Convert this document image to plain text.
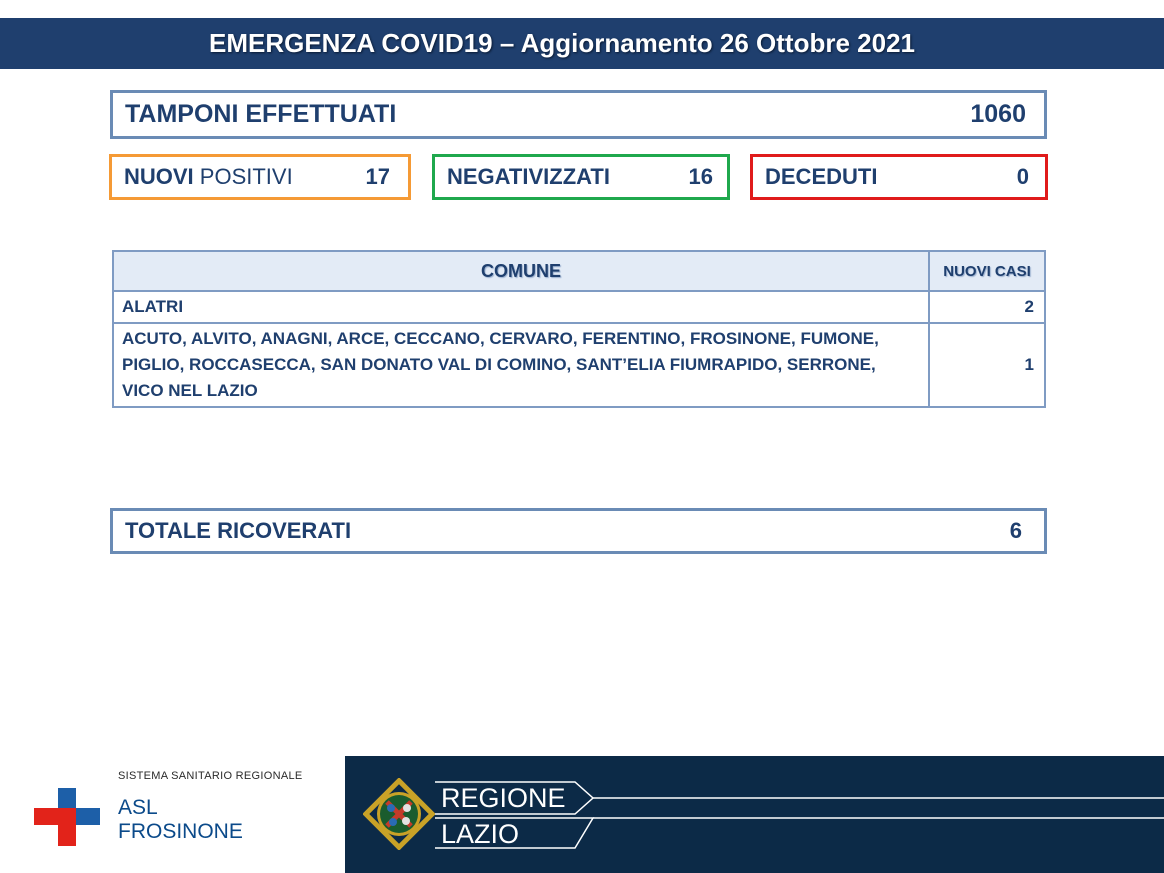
EMERGENZA COVID19 – Aggiornamento 26 Ottobre 2021
TAMPONI EFFETTUATI	1060
NUOVI POSITIVI	17	NEGATIVIZZATI	16 DECEDUTI	0
COMUNE	NUOVI CASI
ALATRI	2
ACUTO, ALVITO, ANAGNI, ARCE, CECCANO, CERVARO, FERENTINO, FROSINONE, FUMONE, PIGLIO, ROCCASECCA, SAN DONATO VAL DI COMINO, SANT’ELIA FIUMRAPIDO, SERRONE, VICO NEL LAZIO	1
TOTALE RICOVERATI	6
SISTEMA SANITARIO REGIONALE
ASL
FROSINONE
REGIONE
LAZIO
